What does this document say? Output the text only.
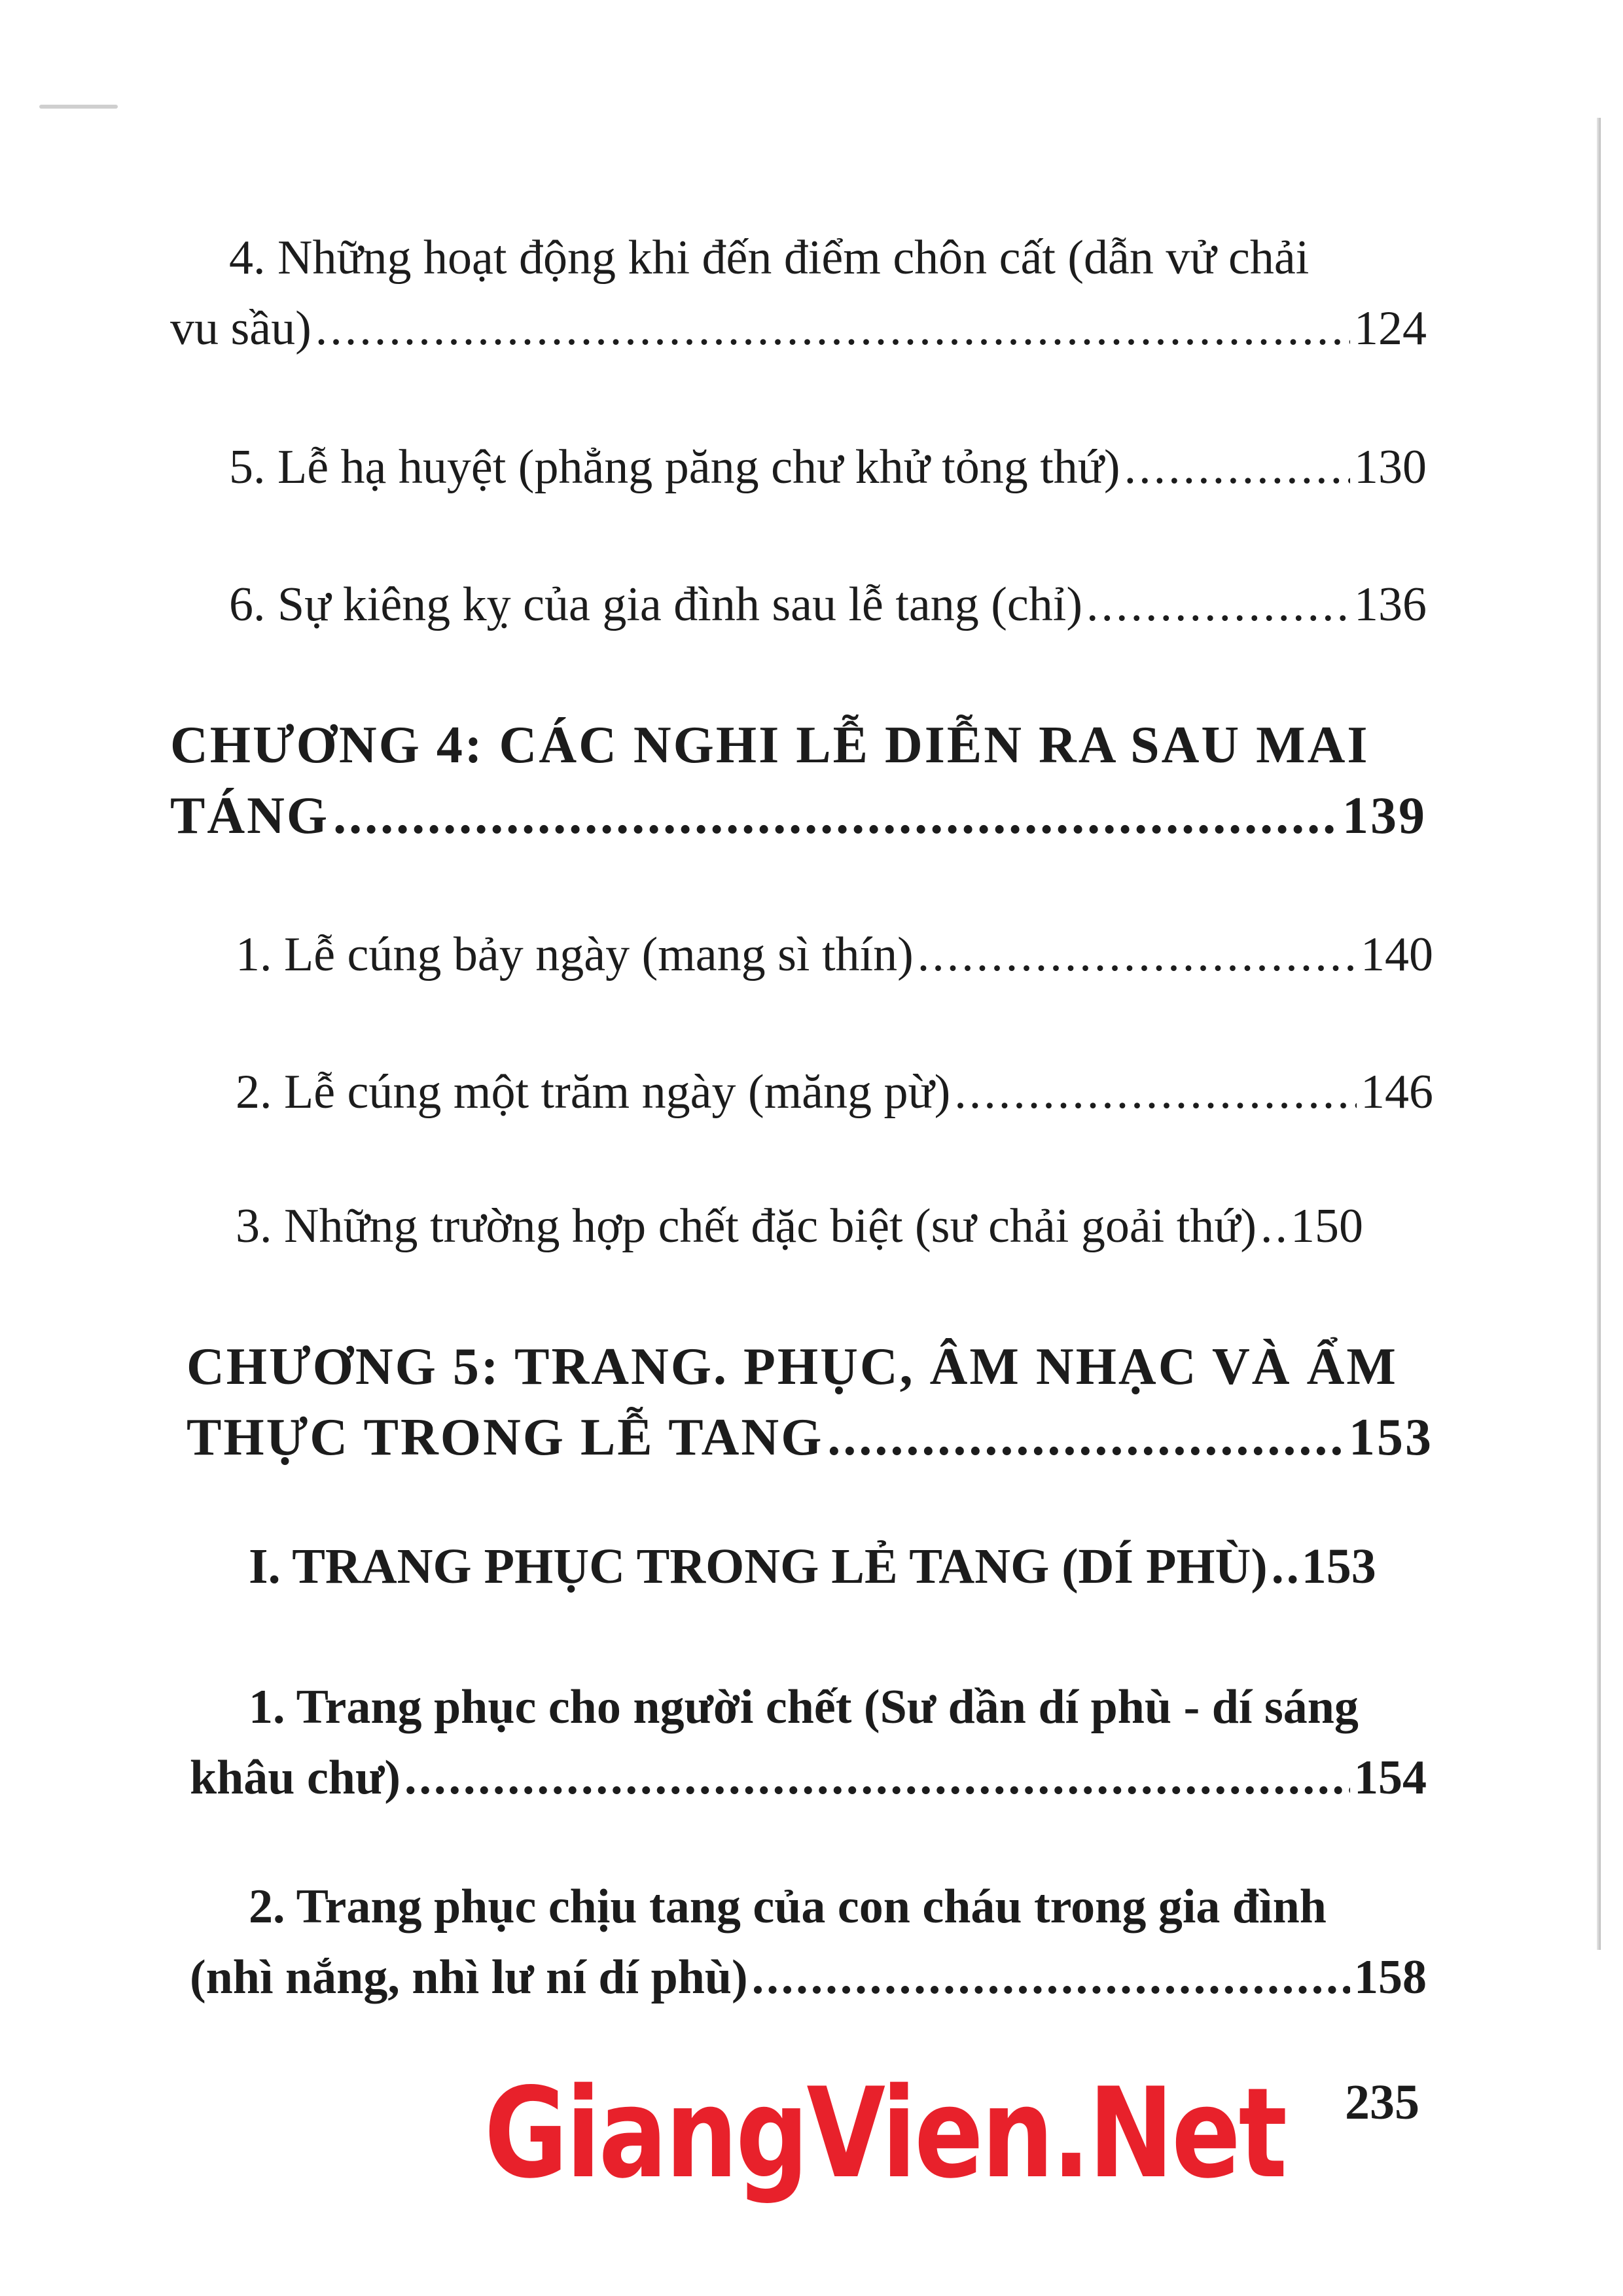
4. Những hoạt động khi đến điểm chôn cất (dẫn vử chải
vu sầu) .....	124
5. Lễ hạ huyệt (phẳng păng chư khử tỏng thứ) .....	130
6. Sự kiêng kỵ của gia đình sau lễ tang (chỉ) .....	136
CHƯƠNG 4: CÁC NGHI LỄ DIỄN RA SAU MAI
TÁNG .....	139
1. Lễ cúng bảy ngày (mang sì thín) .....	140
2. Lễ cúng một trăm ngày (măng pừ) .....	146
3. Những trường hợp chết đặc biệt (sư chải goải thứ) ..... 150
CHƯƠNG 5: TRANG. PHỤC, ÂM NHẠC VÀ ẨM
THỰC TRONG LỄ TANG .....	153
I. TRANG PHỤC TRONG LẺ TANG (DÍ PHÙ) ..... 153
1. Trang phục cho người chết (Sư dần dí phù - dí sáng
khâu chư) .....	154
2. Trang phục chịu tang của con cháu trong gia đình
(nhì nắng, nhì lư ní dí phù) .....	158
GiangVien.Net 235
